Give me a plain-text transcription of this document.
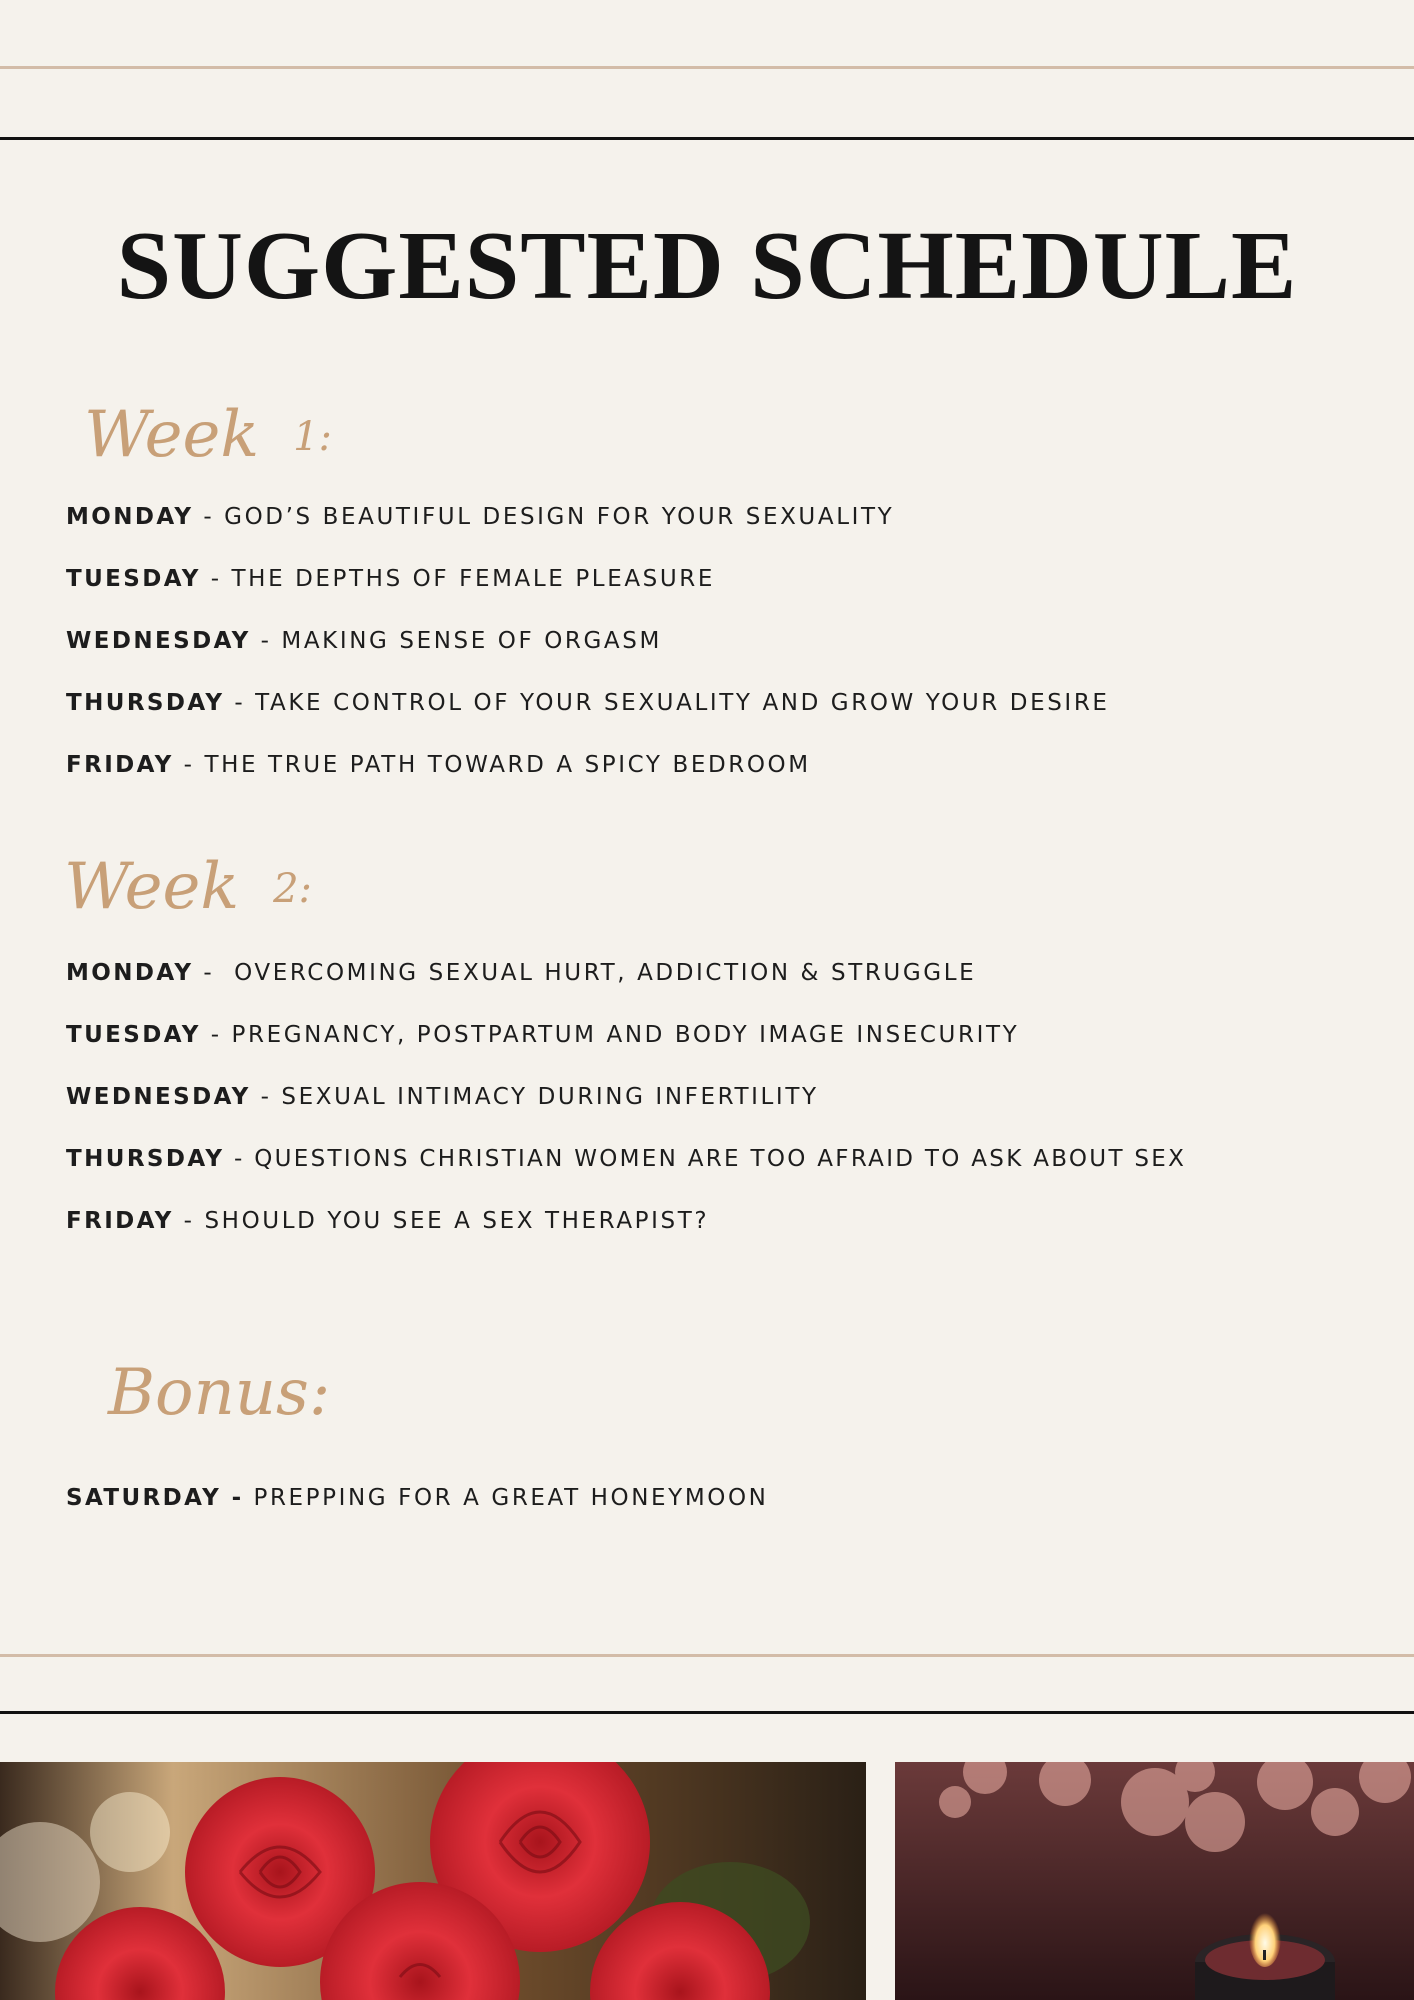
SUGGESTED SCHEDULE
Week 1:
MONDAY - GOD’S BEAUTIFUL DESIGN FOR YOUR SEXUALITY
TUESDAY - THE DEPTHS OF FEMALE PLEASURE
WEDNESDAY - MAKING SENSE OF ORGASM
THURSDAY - TAKE CONTROL OF YOUR SEXUALITY AND GROW YOUR DESIRE
FRIDAY - THE TRUE PATH TOWARD A SPICY BEDROOM
Week 2:
MONDAY -  OVERCOMING SEXUAL HURT, ADDICTION & STRUGGLE
TUESDAY - PREGNANCY, POSTPARTUM AND BODY IMAGE INSECURITY
WEDNESDAY - SEXUAL INTIMACY DURING INFERTILITY
THURSDAY - QUESTIONS CHRISTIAN WOMEN ARE TOO AFRAID TO ASK ABOUT SEX
FRIDAY - SHOULD YOU SEE A SEX THERAPIST?
Bonus:
SATURDAY - PREPPING FOR A GREAT HONEYMOON
